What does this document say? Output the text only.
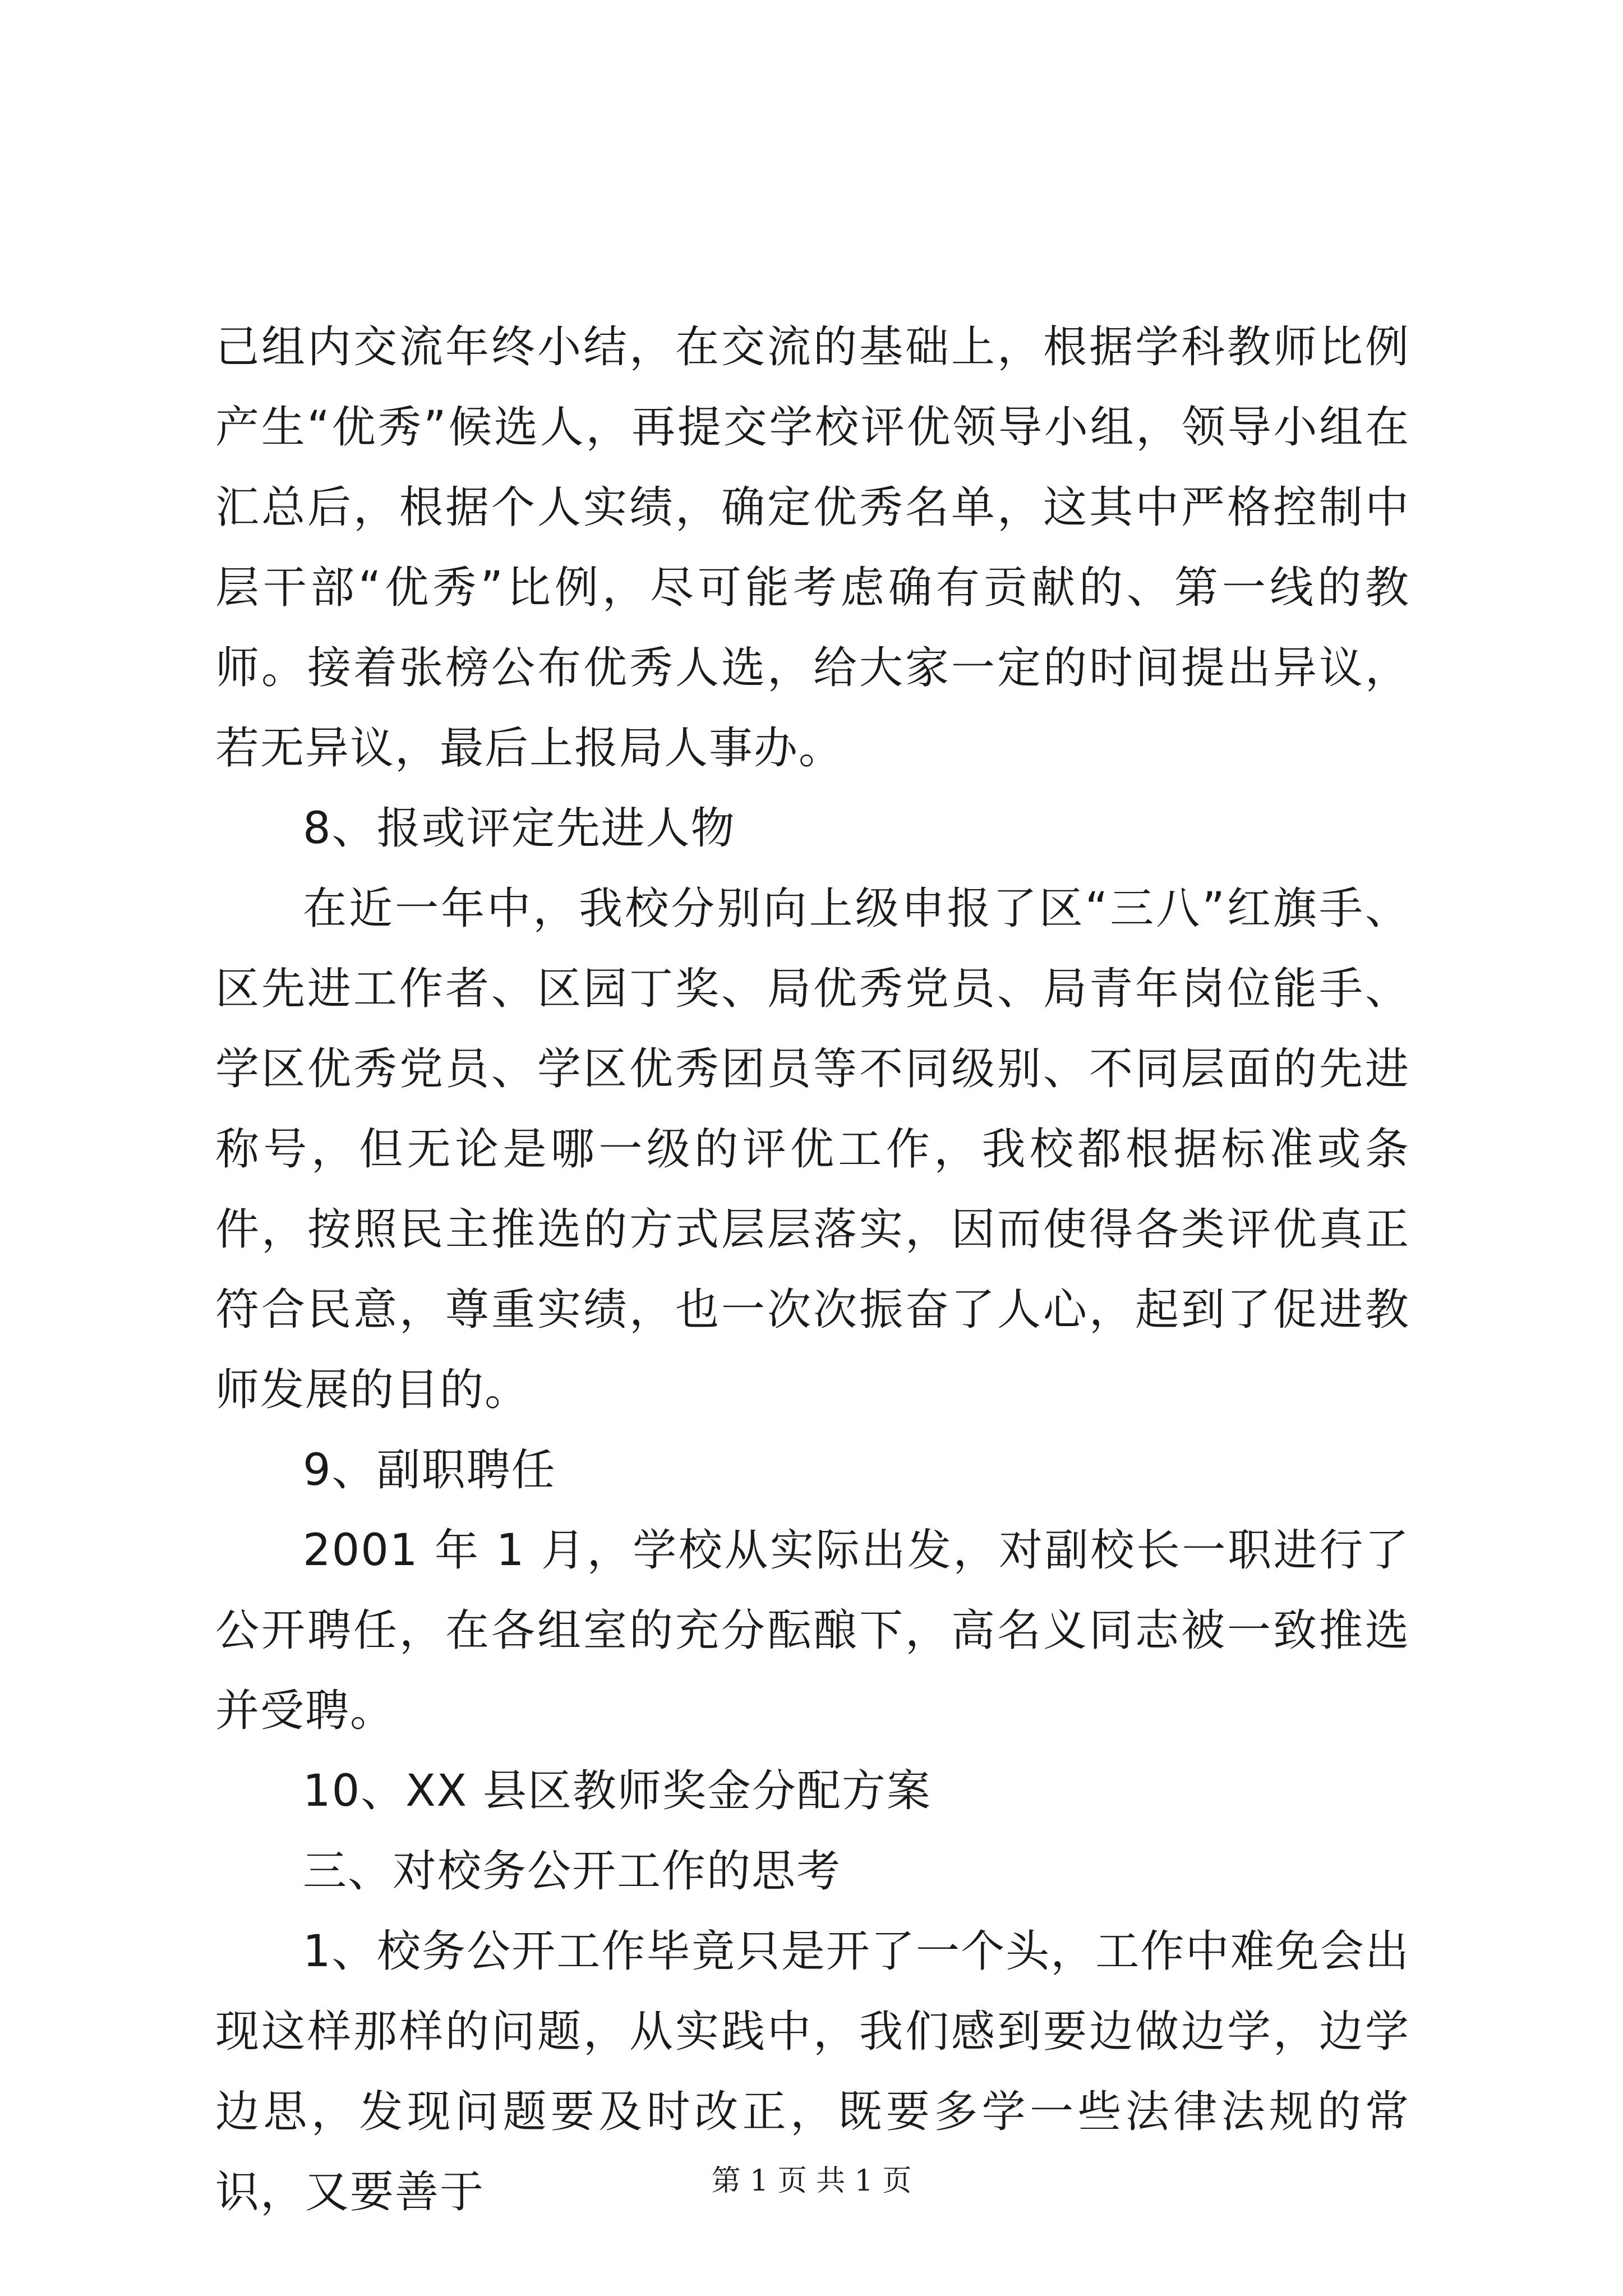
己组内交流年终小结，在交流的基础上，根据学科教师比例产生“优秀”候选人，再提交学校评优领导小组，领导小组在汇总后，根据个人实绩，确定优秀名单，这其中严格控制中层干部“优秀”比例，尽可能考虑确有贡献的、第一线的教师。接着张榜公布优秀人选，给大家一定的时间提出异议，若无异议，最后上报局人事办。

8、报或评定先进人物

在近一年中，我校分别向上级申报了区“三八”红旗手、区先进工作者、区园丁奖、局优秀党员、局青年岗位能手、学区优秀党员、学区优秀团员等不同级别、不同层面的先进称号，但无论是哪一级的评优工作，我校都根据标准或条件，按照民主推选的方式层层落实，因而使得各类评优真正符合民意，尊重实绩，也一次次振奋了人心，起到了促进教师发展的目的。

9、副职聘任

2001 年 1 月，学校从实际出发，对副校长一职进行了公开聘任，在各组室的充分酝酿下，高名义同志被一致推选并受聘。

10、XX 县区教师奖金分配方案

三、对校务公开工作的思考

1、校务公开工作毕竟只是开了一个头，工作中难免会出现这样那样的问题，从实践中，我们感到要边做边学，边学边思，发现问题要及时改正，既要多学一些法律法规的常识，又要善于	第 1 页 共 1 页
